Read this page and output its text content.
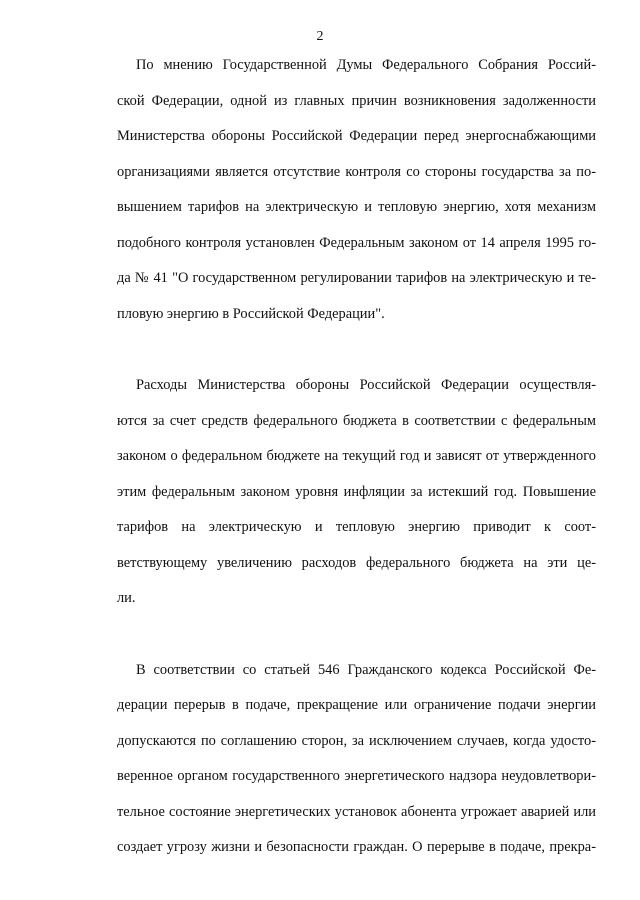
2
По мнению Государственной Думы Федерального Собрания Россий-
ской Федерации, одной из главных причин возникновения задолженности
Министерства обороны Российской Федерации перед энергоснабжающими
организациями является отсутствие контроля со стороны государства за по-
вышением тарифов на электрическую и тепловую энергию, хотя механизм
подобного контроля установлен Федеральным законом от 14 апреля 1995 го-
да № 41 "О государственном регулировании тарифов на электрическую и те-
пловую энергию в Российской Федерации".
Расходы Министерства обороны Российской Федерации осуществля-
ются за счет средств федерального бюджета в соответствии с федеральным
законом о федеральном бюджете на текущий год и зависят от утвержденного
этим федеральным законом уровня инфляции за истекший год. Повышение
тарифов на электрическую и тепловую энергию приводит к соот-
ветствующему увеличению расходов федерального бюджета на эти це-
ли.
В соответствии со статьей 546 Гражданского кодекса Российской Фе-
дерации перерыв в подаче, прекращение или ограничение подачи энергии
допускаются по соглашению сторон, за исключением случаев, когда удосто-
веренное органом государственного энергетического надзора неудовлетвори-
тельное состояние энергетических установок абонента угрожает аварией или
создает угрозу жизни и безопасности граждан. О перерыве в подаче, прекра-
